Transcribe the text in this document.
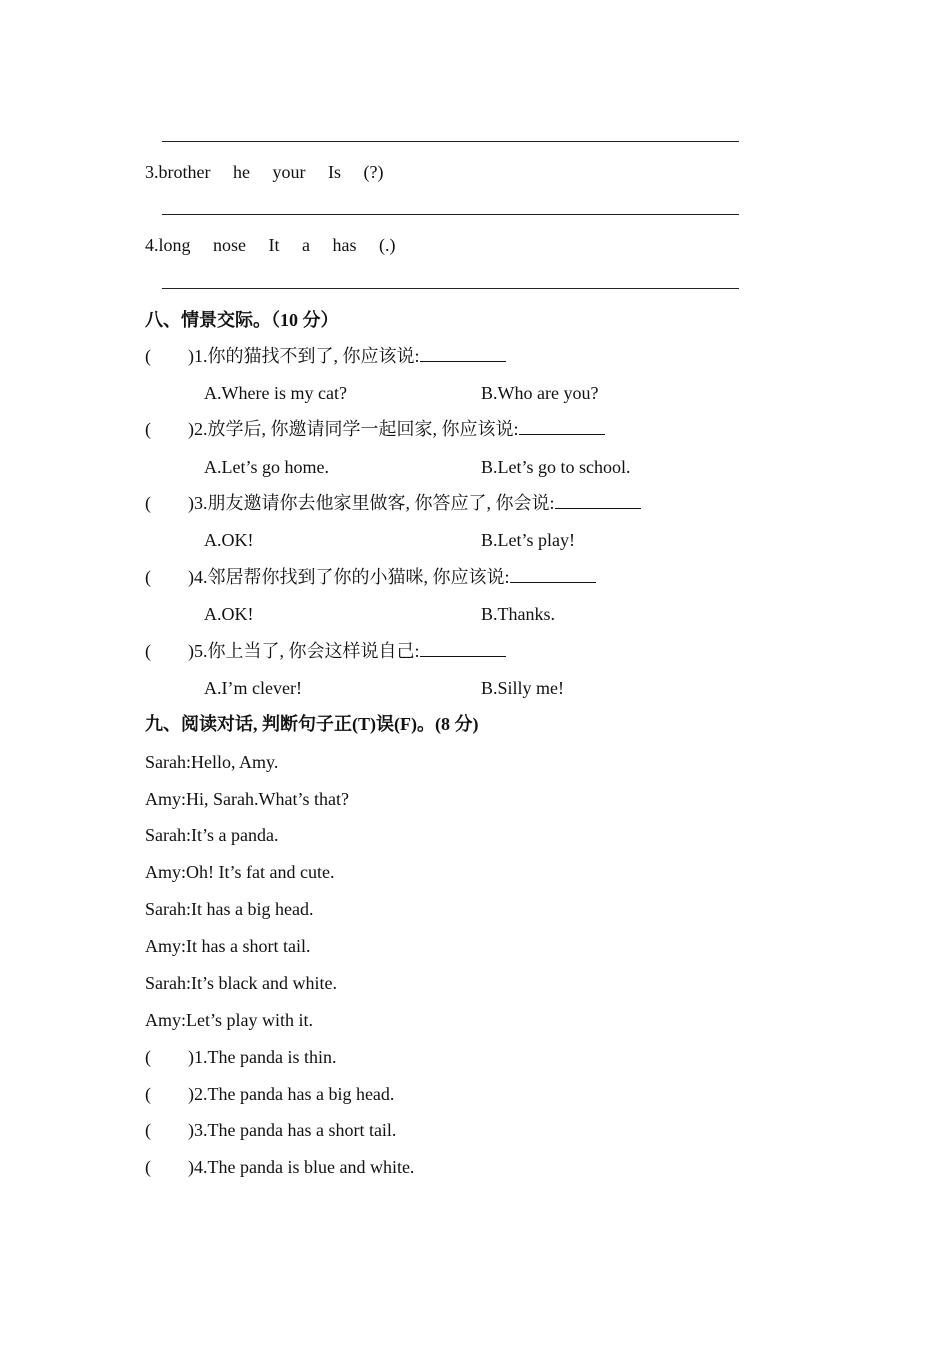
3.brother he your Is (?)
4.long nose It a has (.)
八、情景交际。（10 分）
( )1.你的猫找不到了, 你应该说:
A.Where is my cat?	B.Who are you?
( )2.放学后, 你邀请同学一起回家, 你应该说:
A.Let’s go home.	B.Let’s go to school.
( )3.朋友邀请你去他家里做客, 你答应了, 你会说:
A.OK!	B.Let’s play!
( )4.邻居帮你找到了你的小猫咪, 你应该说:
A.OK!	B.Thanks.
( )5.你上当了, 你会这样说自己:
A.I’m clever!	B.Silly me!
九、阅读对话, 判断句子正(T)误(F)。(8 分)
Sarah:Hello, Amy.
Amy:Hi, Sarah.What’s that?
Sarah:It’s a panda.
Amy:Oh! It’s fat and cute.
Sarah:It has a big head.
Amy:It has a short tail.
Sarah:It’s black and white.
Amy:Let’s play with it.
( )1.The panda is thin.
( )2.The panda has a big head.
( )3.The panda has a short tail.
( )4.The panda is blue and white.
